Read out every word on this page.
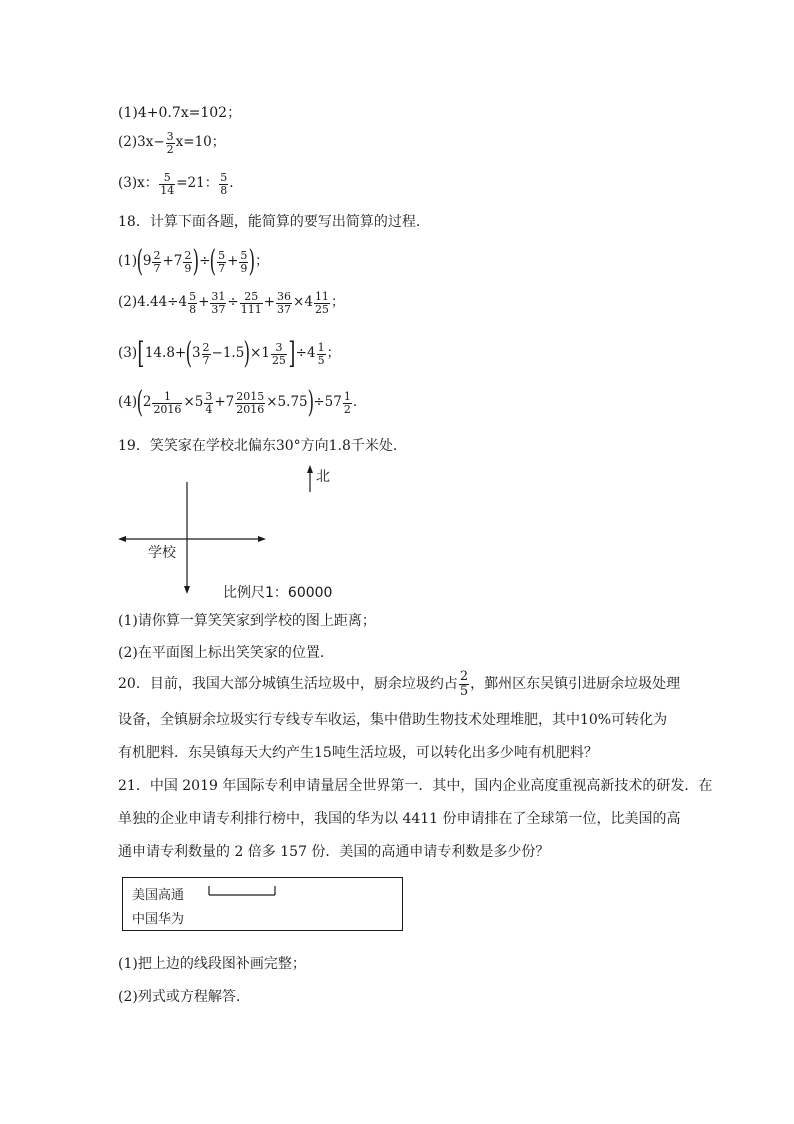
(1)4+0.7x=102；
$(2)3x- \frac{3}{2} x=10$；
(3)x： $\frac{5}{14} =21$： $\frac{5}{8}$ .
18．计算下面各题，能简算的要写出简算的过程.
(1) ( $9 \frac{2}{7} + 7 \frac{2}{9}$ ) ÷ ( $\frac{5}{7} + \frac{5}{9}$ ) ；
$(2)4.44\div 4 \frac{5}{8} + \frac{31}{37} \div \frac{25}{111} + \frac{36}{37} \times 4 \frac{11}{25}$ ；
(3) [ 14.8+ ( $3 \frac{2}{7} -1.5$ ) × $1 \frac{3}{25}$ ] ÷ $4 \frac{1}{5}$ ；
(4) ( $2 \frac{1}{2016} \times 5 \frac{3}{4} + 7 \frac{2015}{2016} \times 5.75$ ) ÷ $57 \frac{1}{2}$ .
19．笑笑家在学校北偏东30°方向1.8千米处.
北
学校
比例尺1：60000
(1)请你算一算笑笑家到学校的图上距离；
(2)在平面图上标出笑笑家的位置.
20．目前，我国大部分城镇生活垃圾中，厨余垃圾约占 $\frac{2}{5}$ ，鄞州区东吴镇引进厨余垃圾处理
设备，全镇厨余垃圾实行专线专车收运，集中借助生物技术处理堆肥，其中10%可转化为
有机肥料．东吴镇每天大约产生15吨生活垃圾，可以转化出多少吨有机肥料？
21．中国 2019 年国际专利申请量居全世界第一．其中，国内企业高度重视高新技术的研发．在
单独的企业申请专利排行榜中，我国的华为以 4411 份申请排在了全球第一位，比美国的高
通申请专利数量的 2 倍多 157 份．美国的高通申请专利数是多少份？
美国高通
中国华为
(1)把上边的线段图补画完整；
(2)列式或方程解答.
